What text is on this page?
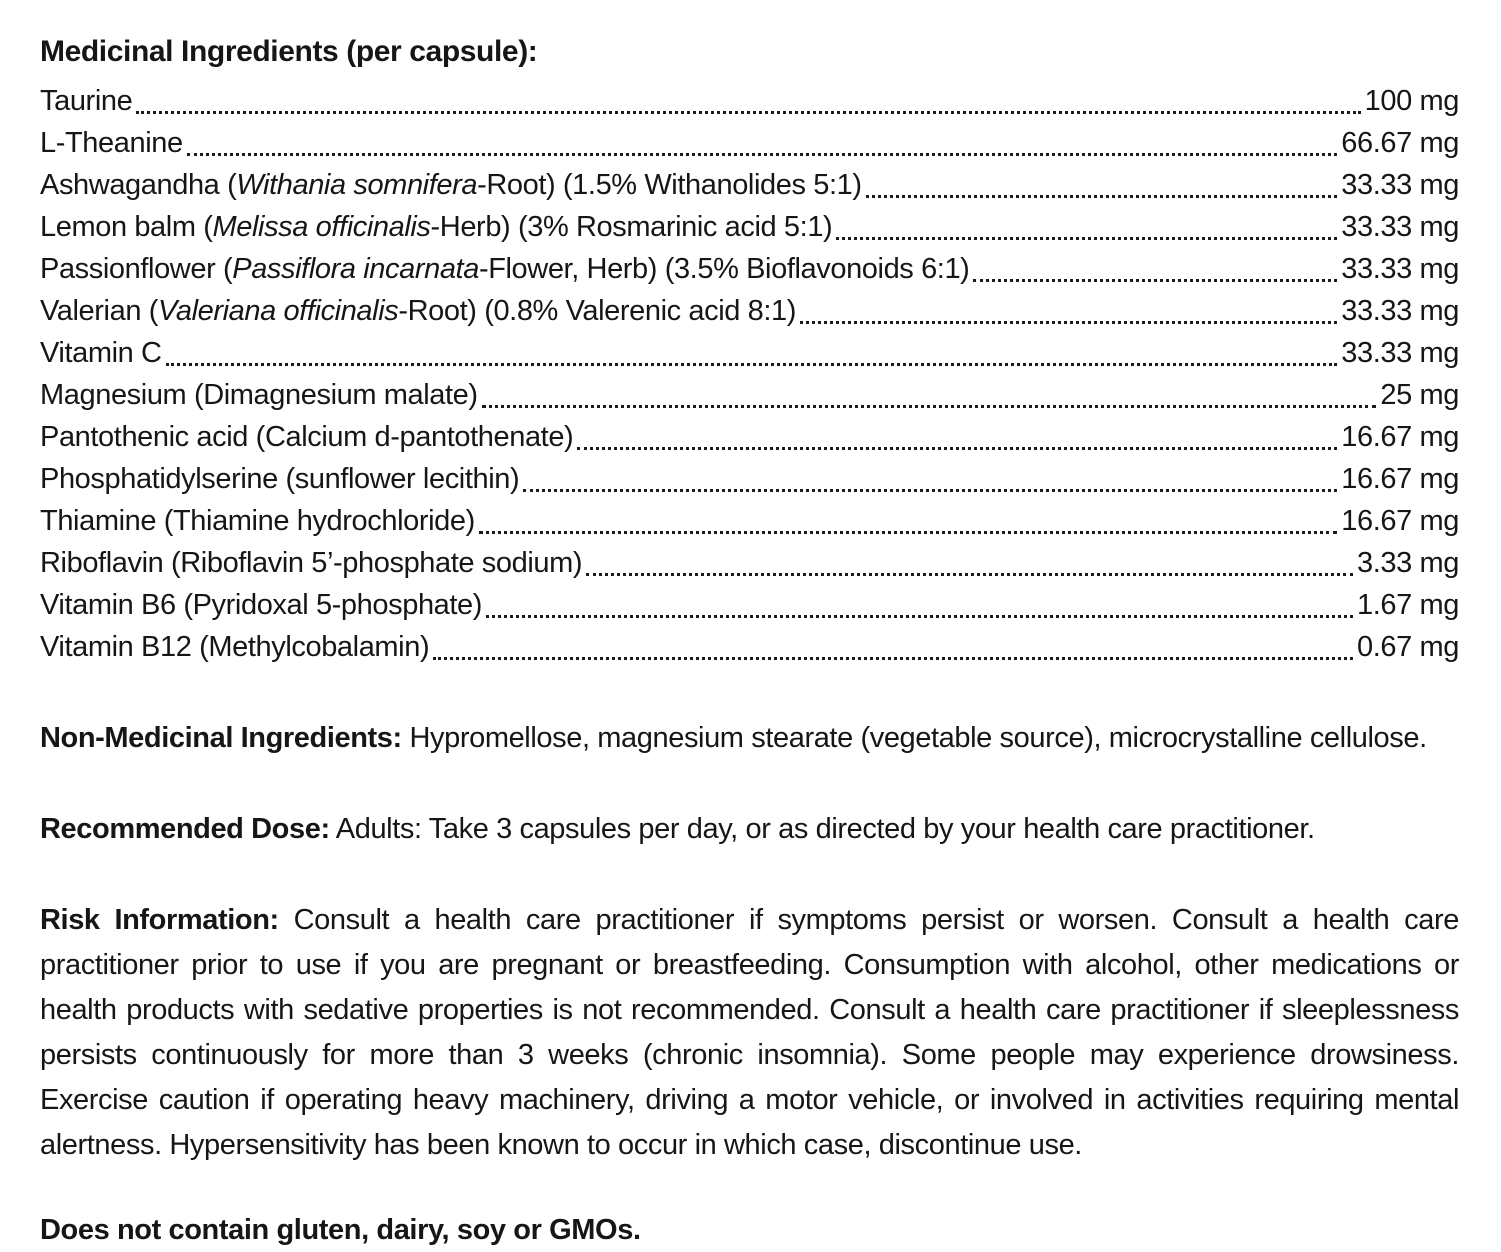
Medicinal Ingredients (per capsule):
Taurine	100 mg
L-Theanine	66.67 mg
Ashwagandha (Withania somnifera-Root) (1.5% Withanolides 5:1)	33.33 mg
Lemon balm (Melissa officinalis-Herb) (3% Rosmarinic acid 5:1)	33.33 mg
Passionflower (Passiflora incarnata-Flower, Herb) (3.5% Bioflavonoids 6:1)	33.33 mg
Valerian (Valeriana officinalis-Root) (0.8% Valerenic acid 8:1)	33.33 mg
Vitamin C	33.33 mg
Magnesium (Dimagnesium malate)	25 mg
Pantothenic acid (Calcium d-pantothenate)	16.67 mg
Phosphatidylserine (sunflower lecithin)	16.67 mg
Thiamine (Thiamine hydrochloride)	16.67 mg
Riboflavin (Riboflavin 5’-phosphate sodium)	3.33 mg
Vitamin B6 (Pyridoxal 5-phosphate)	1.67 mg
Vitamin B12 (Methylcobalamin)	0.67 mg

Non-Medicinal Ingredients: Hypromellose, magnesium stearate (vegetable source), microcrystalline cellulose.

Recommended Dose: Adults: Take 3 capsules per day, or as directed by your health care practitioner.

Risk Information: Consult a health care practitioner if symptoms persist or worsen. Consult a health care practitioner prior to use if you are pregnant or breastfeeding. Consumption with alcohol, other medications or health products with sedative properties is not recommended. Consult a health care practitioner if sleeplessness persists continuously for more than 3 weeks (chronic insomnia). Some people may experience drowsiness. Exercise caution if operating heavy machinery, driving a motor vehicle, or involved in activities requiring mental alertness. Hypersensitivity has been known to occur in which case, discontinue use.

Does not contain gluten, dairy, soy or GMOs.
